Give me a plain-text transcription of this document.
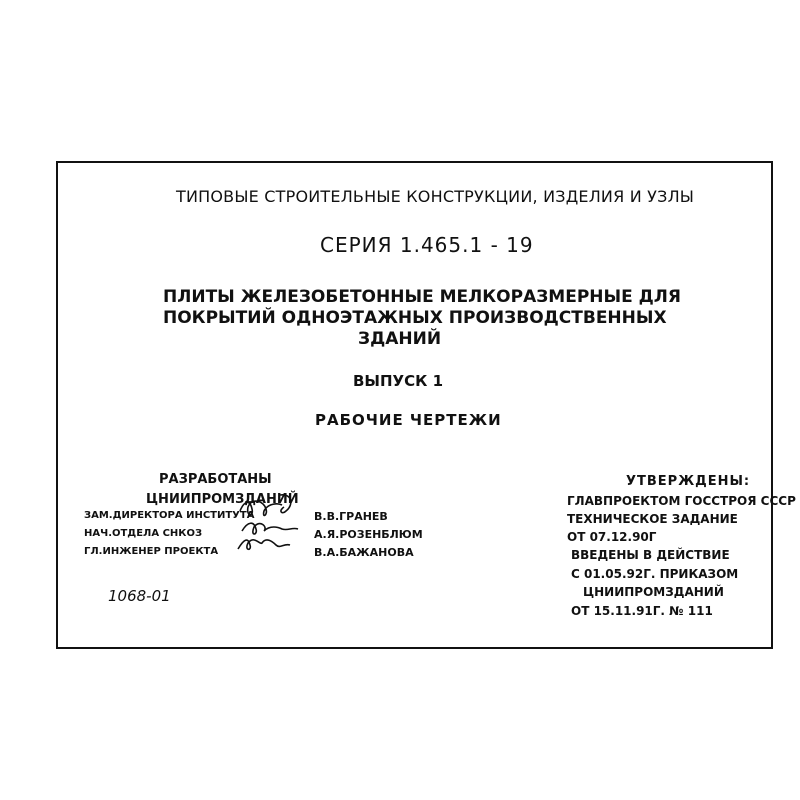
ТИПОВЫЕ СТРОИТЕЛЬНЫЕ КОНСТРУКЦИИ, ИЗДЕЛИЯ И УЗЛЫ
СЕРИЯ 1.465.1 - 19
ПЛИТЫ ЖЕЛЕЗОБЕТОННЫЕ МЕЛКОРАЗМЕРНЫЕ ДЛЯ
ПОКРЫТИЙ ОДНОЭТАЖНЫХ ПРОИЗВОДСТВЕННЫХ
ЗДАНИЙ
ВЫПУСК 1
РАБОЧИЕ ЧЕРТЕЖИ
РАЗРАБОТАНЫ
ЦНИИПРОМЗДАНИЙ
ЗАМ.ДИРЕКТОРА ИНСТИТУТА	В.В.ГРАНЕВ
НАЧ.ОТДЕЛА СНКОЗ	А.Я.РОЗЕНБЛЮМ
ГЛ.ИНЖЕНЕР ПРОЕКТА	В.А.БАЖАНОВА
1068-01
УТВЕРЖДЕНЫ:
ГЛАВПРОЕКТОМ ГОССТРОЯ СССР
ТЕХНИЧЕСКОЕ ЗАДАНИЕ
ОТ 07.12.90Г
ВВЕДЕНЫ В ДЕЙСТВИЕ
С 01.05.92Г. ПРИКАЗОМ
ЦНИИПРОМЗДАНИЙ
ОТ 15.11.91Г. № 111
